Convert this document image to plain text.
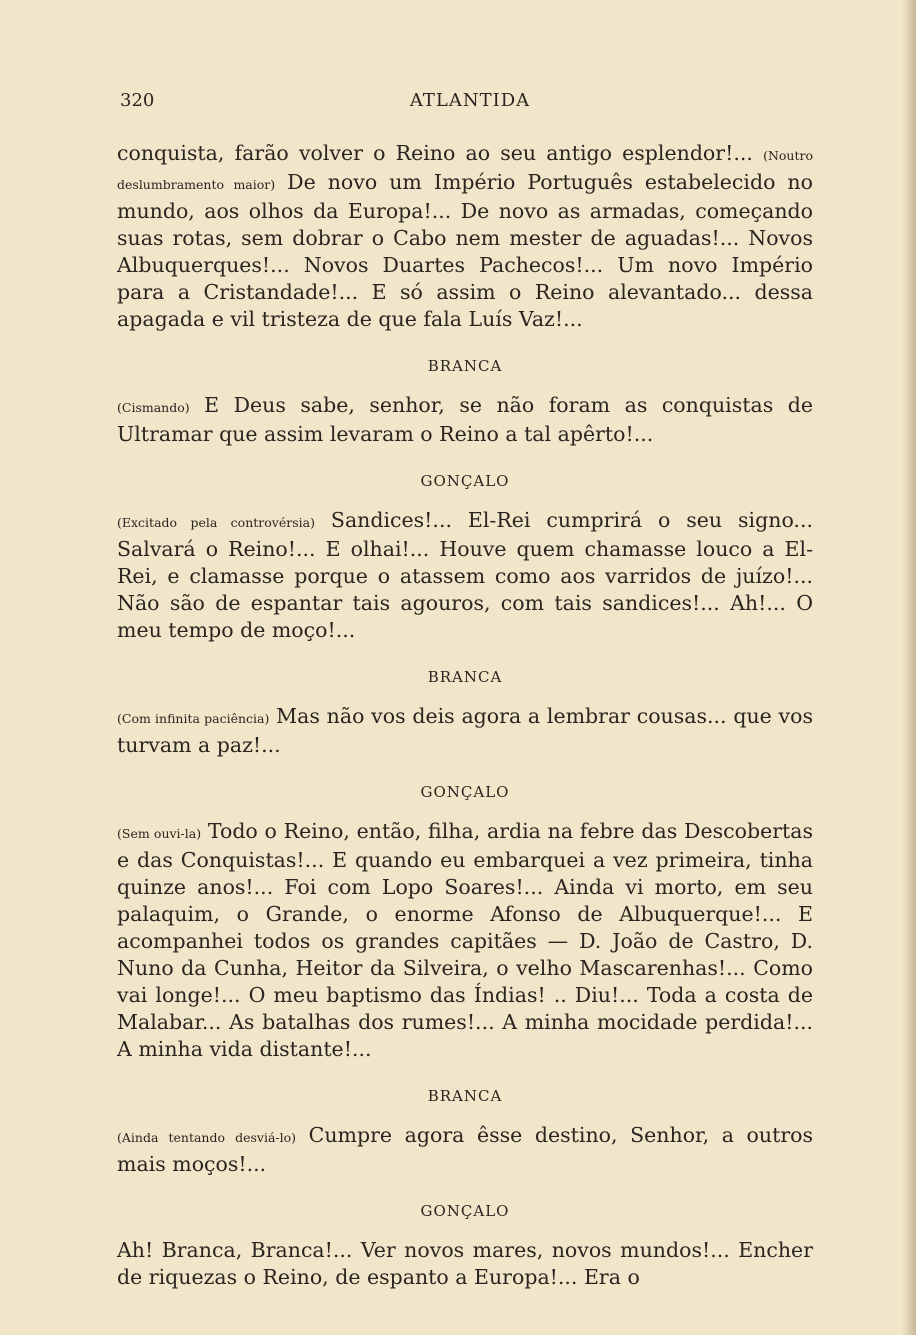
320	ATLANTIDA

conquista, farão volver o Reino ao seu antigo esplendor!... (Noutro deslumbramento maior) De novo um Império Português estabelecido no mundo, aos olhos da Europa!... De novo as armadas, começando suas rotas, sem dobrar o Cabo nem mester de aguadas!... Novos Albuquerques!... Novos Duartes Pachecos!... Um novo Império para a Cristandade!... E só assim o Reino alevantado... dessa apagada e vil tristeza de que fala Luís Vaz!...

BRANCA

(Cismando) E Deus sabe, senhor, se não foram as conquistas de Ultramar que assim levaram o Reino a tal apêrto!...

GONÇALO

(Excitado pela controvérsia) Sandices!... El-Rei cumprirá o seu signo... Salvará o Reino!... E olhai!... Houve quem chamasse louco a El-Rei, e clamasse porque o atassem como aos varridos de juízo!... Não são de espantar tais agouros, com tais sandices!... Ah!... O meu tempo de moço!...

BRANCA

(Com infinita paciência) Mas não vos deis agora a lembrar cousas... que vos turvam a paz!...

GONÇALO

(Sem ouvi-la) Todo o Reino, então, filha, ardia na febre das Descobertas e das Conquistas!... E quando eu embarquei a vez primeira, tinha quinze anos!... Foi com Lopo Soares!... Ainda vi morto, em seu palaquim, o Grande, o enorme Afonso de Albuquerque!... E acompanhei todos os grandes capitães — D. João de Castro, D. Nuno da Cunha, Heitor da Silveira, o velho Mascarenhas!... Como vai longe!... O meu baptismo das Índias! .. Diu!... Toda a costa de Malabar... As batalhas dos rumes!... A minha mocidade perdida!... A minha vida distante!...

BRANCA

(Ainda tentando desviá-lo) Cumpre agora êsse destino, Senhor, a outros mais moços!...

GONÇALO

Ah! Branca, Branca!... Ver novos mares, novos mundos!... Encher de riquezas o Reino, de espanto a Europa!... Era o
